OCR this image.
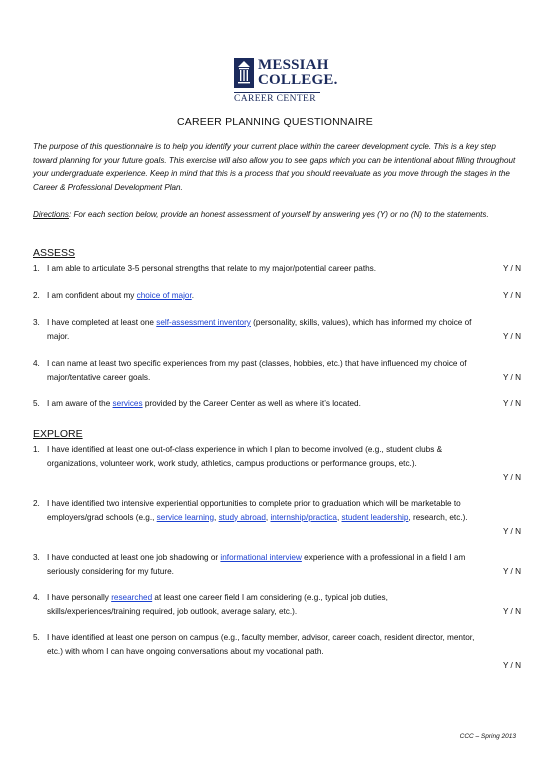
MESSIAH
COLLEGE.
CAREER CENTER
CAREER PLANNING QUESTIONNAIRE
The purpose of this questionnaire is to help you identify your current place within the career development cycle. This is a key step toward planning for your future goals. This exercise will also allow you to see gaps which you can be intentional about filling throughout your undergraduate experience. Keep in mind that this is a process that you should reevaluate as you move through the stages in the Career & Professional Development Plan.
Directions: For each section below, provide an honest assessment of yourself by answering yes (Y) or no (N) to the statements.
ASSESS
1. I am able to articulate 3-5 personal strengths that relate to my major/potential career paths.	Y / N
2. I am confident about my choice of major.	Y / N
3. I have completed at least one self-assessment inventory (personality, skills, values), which has informed my choice of major.	Y / N
4. I can name at least two specific experiences from my past (classes, hobbies, etc.) that have influenced my choice of major/tentative career goals.	Y / N
5. I am aware of the services provided by the Career Center as well as where it’s located.	Y / N
EXPLORE
1. I have identified at least one out-of-class experience in which I plan to become involved (e.g., student clubs & organizations, volunteer work, work study, athletics, campus productions or performance groups, etc.).
Y / N
2. I have identified two intensive experiential opportunities to complete prior to graduation which will be marketable to employers/grad schools (e.g., service learning, study abroad, internship/practica, student leadership, research, etc.).
Y / N
3. I have conducted at least one job shadowing or informational interview experience with a professional in a field I am seriously considering for my future.	Y / N
4. I have personally researched at least one career field I am considering (e.g., typical job duties, skills/experiences/training required, job outlook, average salary, etc.).	Y / N
5. I have identified at least one person on campus (e.g., faculty member, advisor, career coach, resident director, mentor, etc.) with whom I can have ongoing conversations about my vocational path.
Y / N
CCC – Spring 2013
